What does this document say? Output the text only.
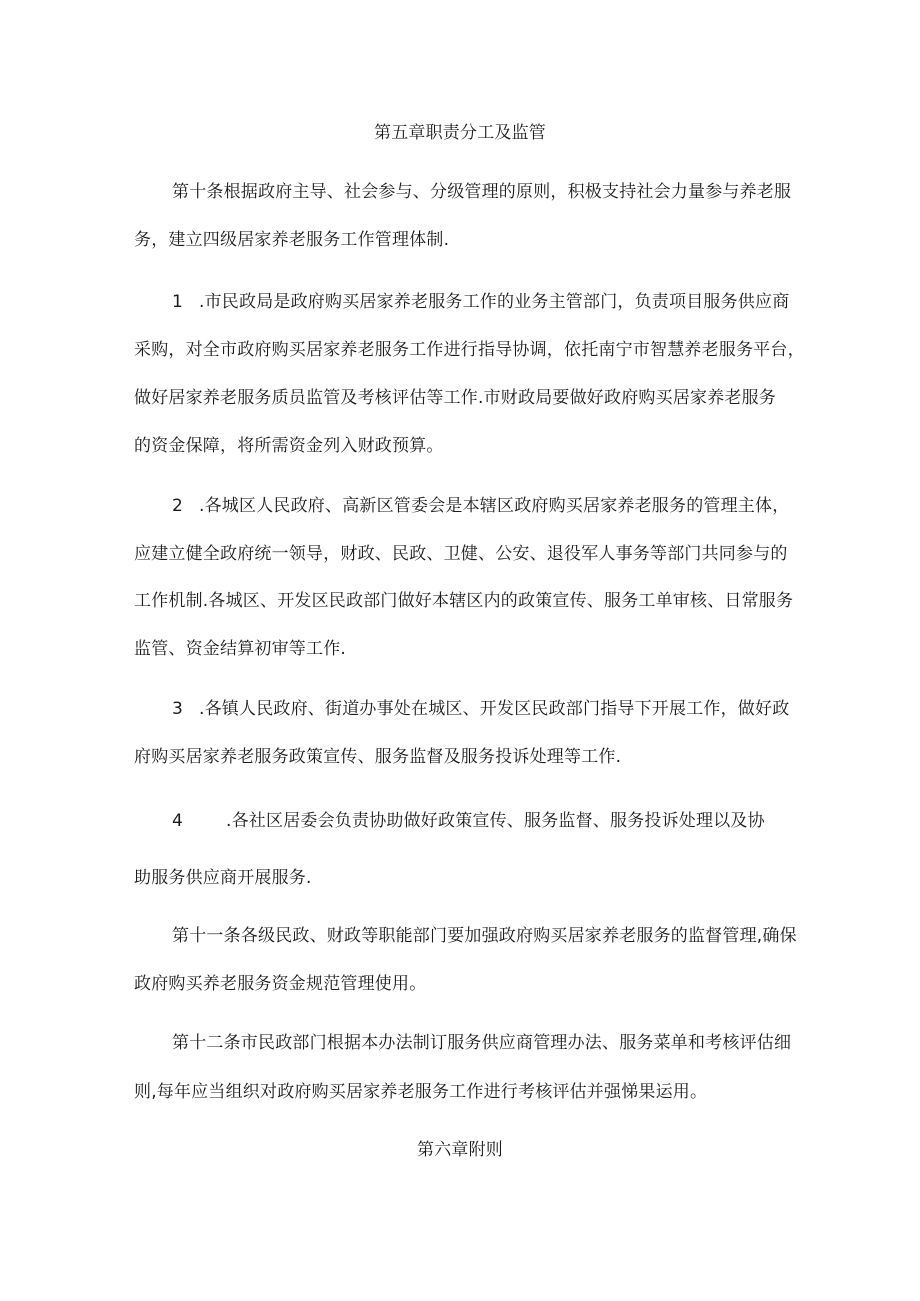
第五章职责分工及监管
第十条根据政府主导、社会参与、分级管理的原则，积极支持社会力量参与养老服
务，建立四级居家养老服务工作管理体制.
1 .市民政局是政府购买居家养老服务工作的业务主管部门，负责项目服务供应商
采购，对全市政府购买居家养老服务工作进行指导协调，依托南宁市智慧养老服务平台，
做好居家养老服务质员监管及考核评估等工作.市财政局要做好政府购买居家养老服务
的资金保障，将所需资金列入财政预算。
2 .各城区人民政府、高新区管委会是本辖区政府购买居家养老服务的管理主体，
应建立健全政府统一领导，财政、民政、卫健、公安、退役军人事务等部门共同参与的
工作机制.各城区、开发区民政部门做好本辖区内的政策宣传、服务工单审核、日常服务
监管、资金结算初审等工作.
3 .各镇人民政府、街道办事处在城区、开发区民政部门指导下开展工作，做好政
府购买居家养老服务政策宣传、服务监督及服务投诉处理等工作.
4	.各社区居委会负责协助做好政策宣传、服务监督、服务投诉处理以及协
助服务供应商开展服务.
第十一条各级民政、财政等职能部门要加强政府购买居家养老服务的监督管理,确保
政府购买养老服务资金规范管理使用。
第十二条市民政部门根据本办法制订服务供应商管理办法、服务菜单和考核评估细
则,每年应当组织对政府购买居家养老服务工作进行考核评估并强悌果运用。
第六章附则
